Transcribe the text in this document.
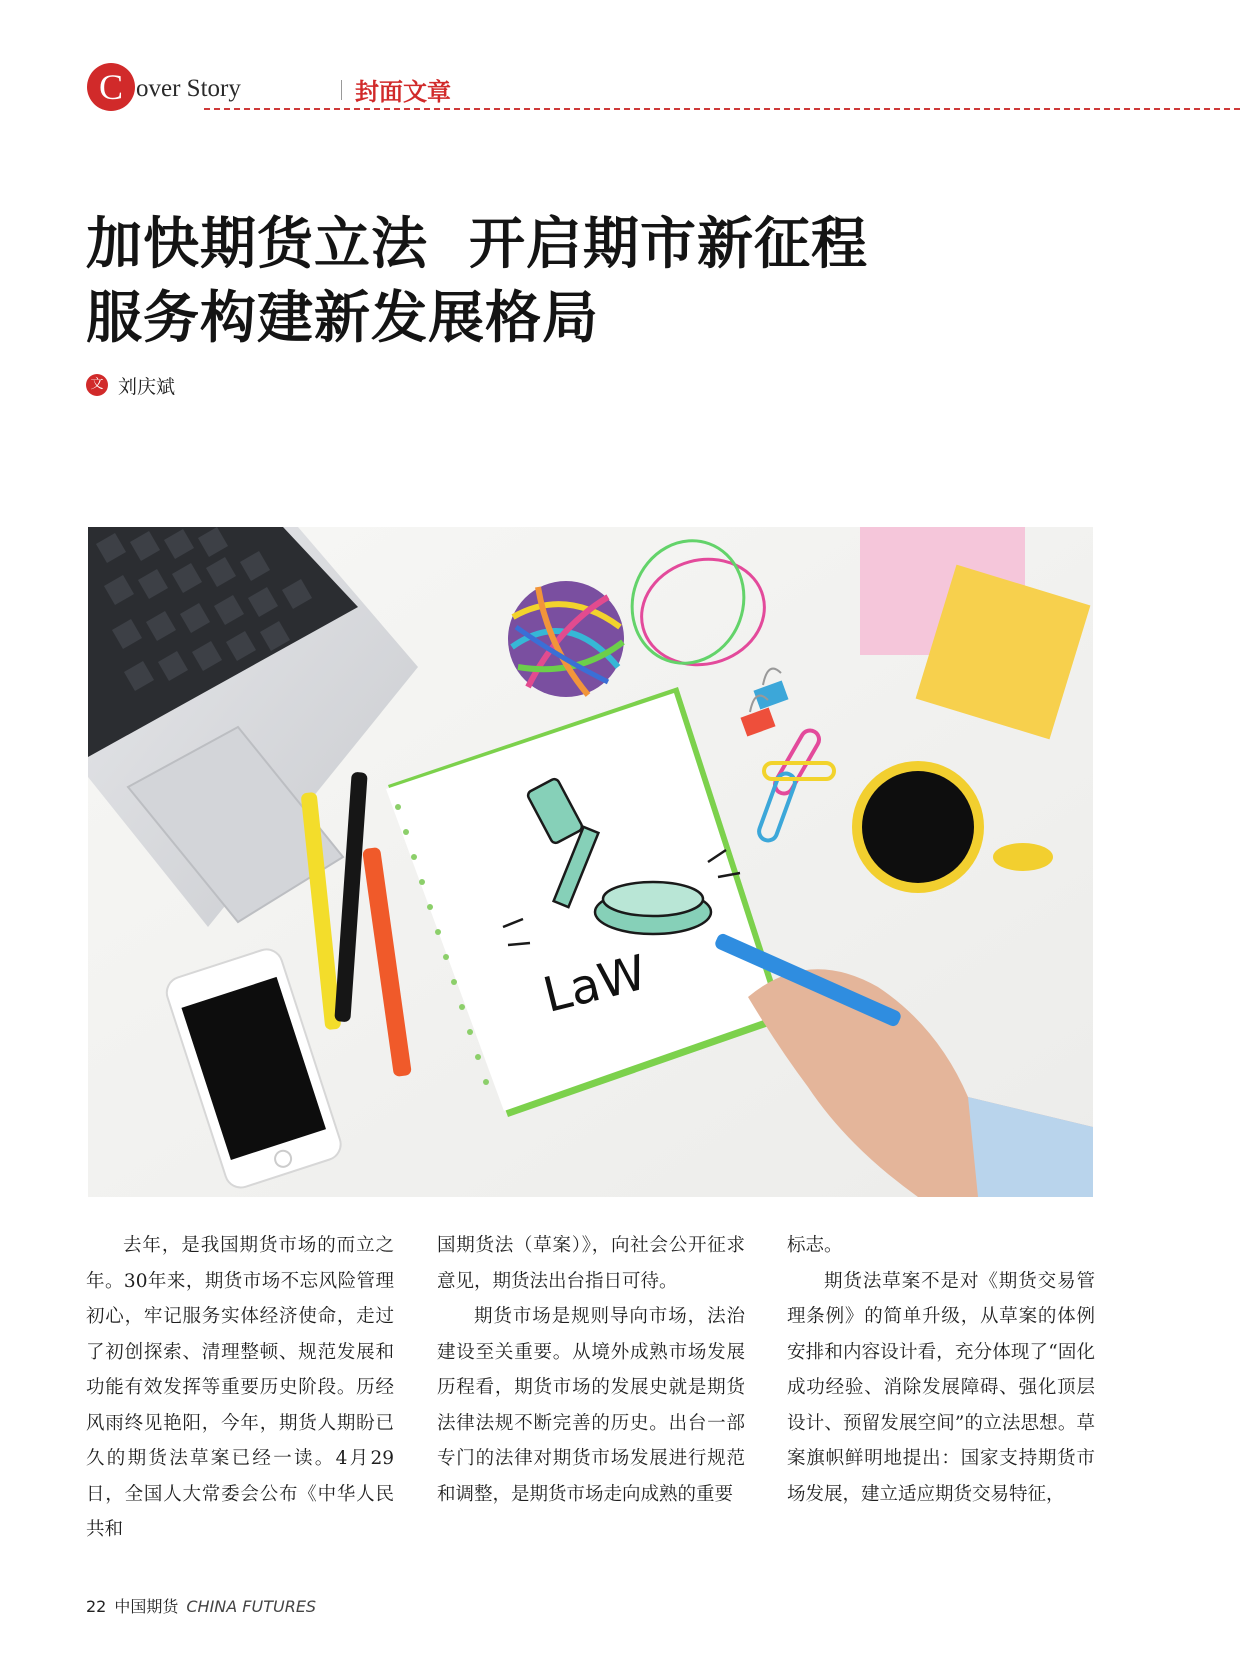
C over Story	封面文章
加快期货立法  开启期市新征程
服务构建新发展格局
文 刘庆斌
LaW

去年，是我国期货市场的而立之年。30年来，期货市场不忘风险管理初心，牢记服务实体经济使命，走过了初创探索、清理整顿、规范发展和功能有效发挥等重要历史阶段。历经风雨终见艳阳，今年，期货人期盼已久的期货法草案已经一读。4月29日，全国人大常委会公布《中华人民共和

国期货法（草案）》，向社会公开征求意见，期货法出台指日可待。

期货市场是规则导向市场，法治建设至关重要。从境外成熟市场发展历程看，期货市场的发展史就是期货法律法规不断完善的历史。出台一部专门的法律对期货市场发展进行规范和调整，是期货市场走向成熟的重要

标志。

期货法草案不是对《期货交易管理条例》的简单升级，从草案的体例安排和内容设计看，充分体现了“固化成功经验、消除发展障碍、强化顶层设计、预留发展空间”的立法思想。草案旗帜鲜明地提出：国家支持期货市场发展，建立适应期货交易特征，

22 中国期货 CHINA FUTURES
